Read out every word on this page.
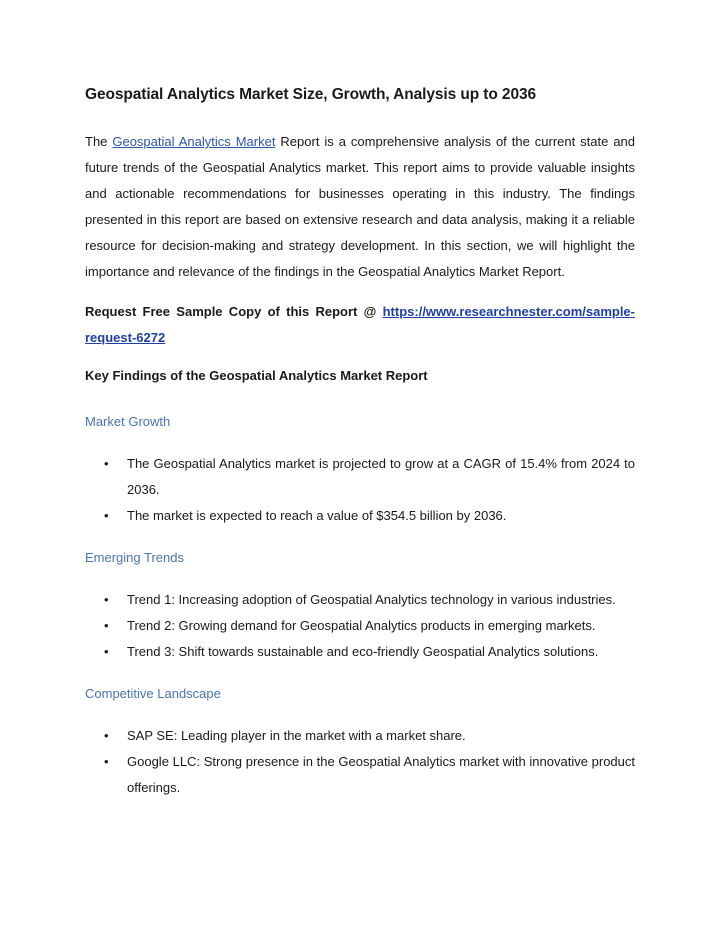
Geospatial Analytics Market Size, Growth, Analysis up to 2036

The Geospatial Analytics Market Report is a comprehensive analysis of the current state and future trends of the Geospatial Analytics market. This report aims to provide valuable insights and actionable recommendations for businesses operating in this industry. The findings presented in this report are based on extensive research and data analysis, making it a reliable resource for decision-making and strategy development. In this section, we will highlight the importance and relevance of the findings in the Geospatial Analytics Market Report.

Request Free Sample Copy of this Report @ https://www.researchnester.com/sample-request-6272

Key Findings of the Geospatial Analytics Market Report
Market Growth
• The Geospatial Analytics market is projected to grow at a CAGR of 15.4% from 2024 to 2036.
• The market is expected to reach a value of $354.5 billion by 2036.
Emerging Trends
• Trend 1: Increasing adoption of Geospatial Analytics technology in various industries.
• Trend 2: Growing demand for Geospatial Analytics products in emerging markets.
• Trend 3: Shift towards sustainable and eco-friendly Geospatial Analytics solutions.
Competitive Landscape
• SAP SE: Leading player in the market with a market share.
• Google LLC: Strong presence in the Geospatial Analytics market with innovative product offerings.
